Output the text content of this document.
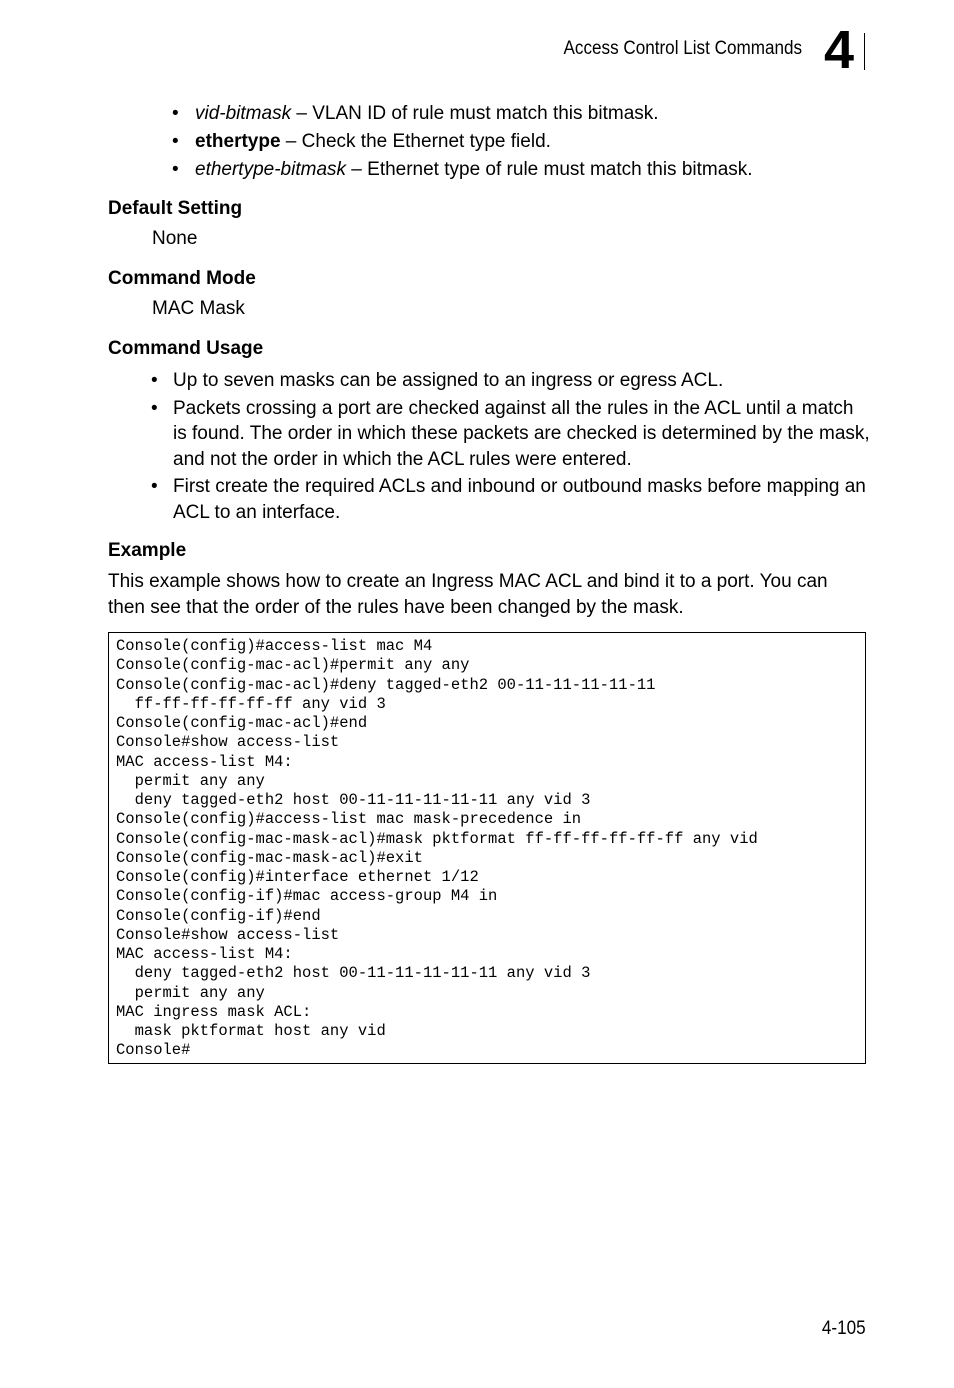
Access Control List Commands 4
• vid-bitmask – VLAN ID of rule must match this bitmask.
• ethertype – Check the Ethernet type field.
• ethertype-bitmask – Ethernet type of rule must match this bitmask.
Default Setting
None
Command Mode
MAC Mask
Command Usage
• Up to seven masks can be assigned to an ingress or egress ACL.
• Packets crossing a port are checked against all the rules in the ACL until a match is found. The order in which these packets are checked is determined by the mask, and not the order in which the ACL rules were entered.
• First create the required ACLs and inbound or outbound masks before mapping an ACL to an interface.
Example

This example shows how to create an Ingress MAC ACL and bind it to a port. You can then see that the order of the rules have been changed by the mask.

Console(config)#access-list mac M4
Console(config-mac-acl)#permit any any
Console(config-mac-acl)#deny tagged-eth2 00-11-11-11-11-11
ff-ff-ff-ff-ff-ff any vid 3
Console(config-mac-acl)#end
Console#show access-list
MAC access-list M4:
permit any any
deny tagged-eth2 host 00-11-11-11-11-11 any vid 3
Console(config)#access-list mac mask-precedence in
Console(config-mac-mask-acl)#mask pktformat ff-ff-ff-ff-ff-ff any vid
Console(config-mac-mask-acl)#exit
Console(config)#interface ethernet 1/12
Console(config-if)#mac access-group M4 in
Console(config-if)#end
Console#show access-list
MAC access-list M4:
deny tagged-eth2 host 00-11-11-11-11-11 any vid 3
permit any any
MAC ingress mask ACL:
mask pktformat host any vid
Console#
4-105
